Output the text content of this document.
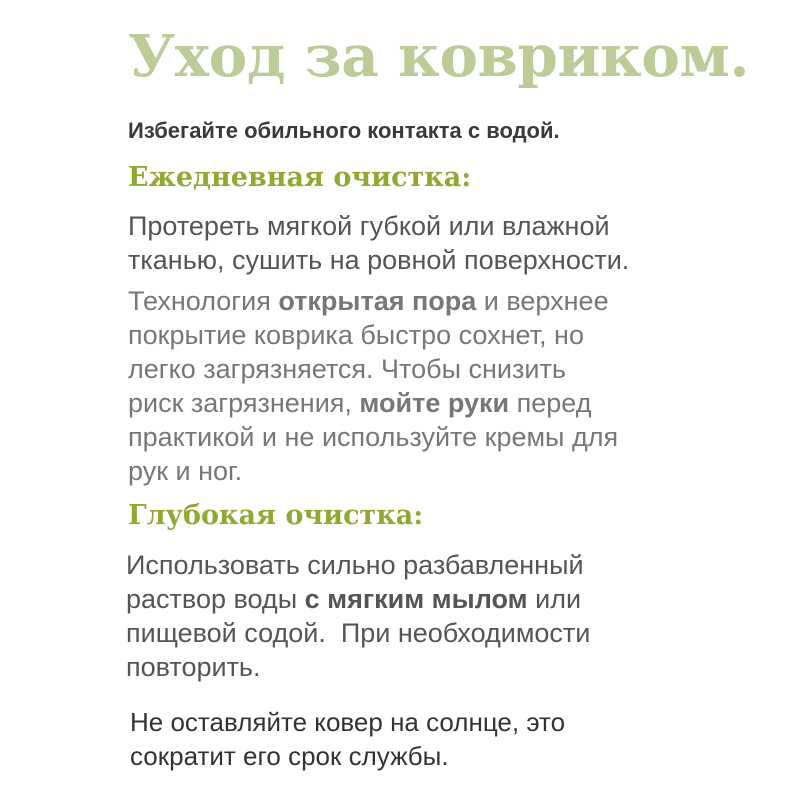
Уход за ковриком.
Избегайте обильного контакта с водой.
Ежедневная очистка:

Протереть мягкой губкой или влажной
тканью, сушить на ровной поверхности.

Технология открытая пора и верхнее
покрытие коврика быстро сохнет, но
легко загрязняется. Чтобы снизить
риск загрязнения, мойте руки перед
практикой и не используйте кремы для
рук и ног.

Глубокая очистка:

Использовать сильно разбавленный
раствор воды с мягким мылом или
пищевой содой.  При необходимости
повторить.

Не оставляйте ковер на солнце, это
сократит его срок службы.
